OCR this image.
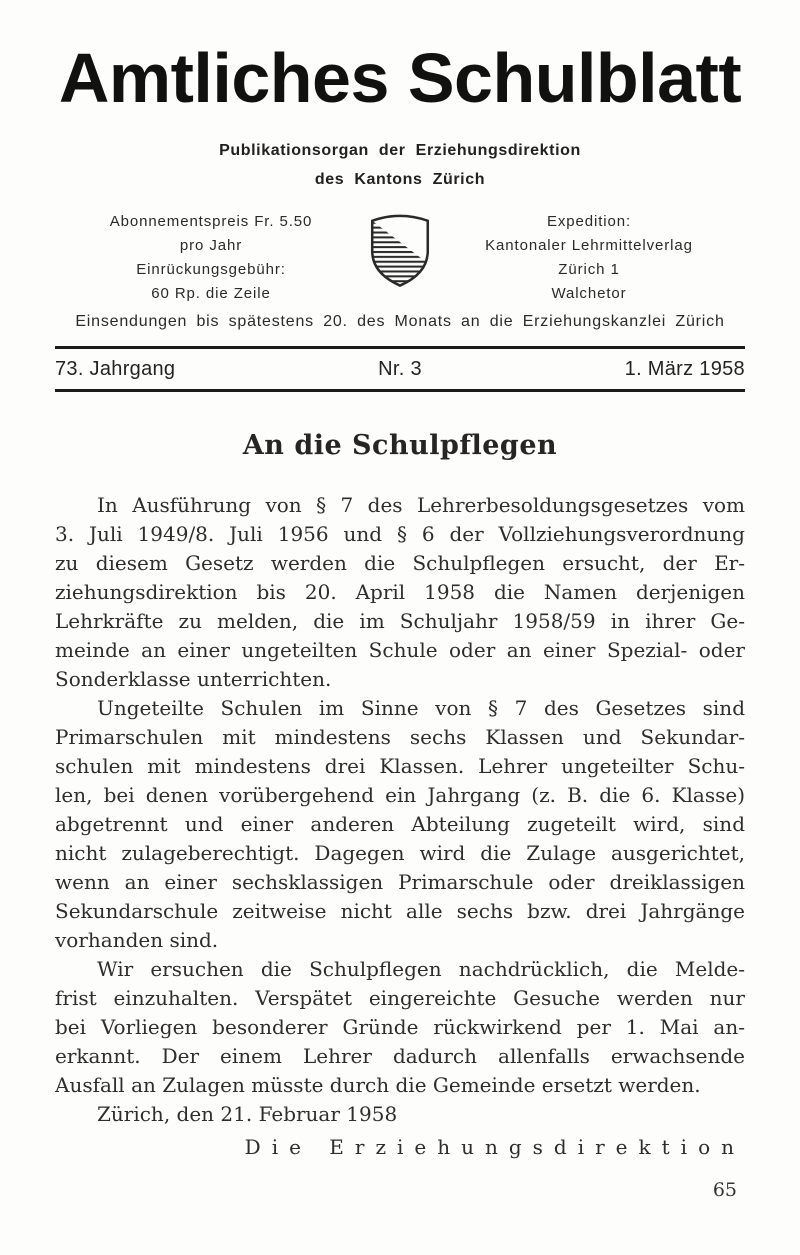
Amtliches Schulblatt
Publikationsorgan der Erziehungsdirektion
des Kantons Zürich
Abonnementspreis Fr. 5.50
pro Jahr
Einrückungsgebühr:
60 Rp. die Zeile
Expedition:
Kantonaler Lehrmittelverlag
Zürich 1
Walchetor
Einsendungen bis spätestens 20. des Monats an die Erziehungskanzlei Zürich
73. Jahrgang	Nr. 3	1. März 1958
An die Schulpflegen
In Ausführung von § 7 des Lehrerbesoldungsgesetzes vom
3. Juli 1949/8. Juli 1956 und § 6 der Vollziehungsverordnung
zu diesem Gesetz werden die Schulpflegen ersucht, der Er-
ziehungsdirektion bis 20. April 1958 die Namen derjenigen
Lehrkräfte zu melden, die im Schuljahr 1958/59 in ihrer Ge-
meinde an einer ungeteilten Schule oder an einer Spezial- oder
Sonderklasse unterrichten.
Ungeteilte Schulen im Sinne von § 7 des Gesetzes sind
Primarschulen mit mindestens sechs Klassen und Sekundar-
schulen mit mindestens drei Klassen. Lehrer ungeteilter Schu-
len, bei denen vorübergehend ein Jahrgang (z. B. die 6. Klasse)
abgetrennt und einer anderen Abteilung zugeteilt wird, sind
nicht zulageberechtigt. Dagegen wird die Zulage ausgerichtet,
wenn an einer sechsklassigen Primarschule oder dreiklassigen
Sekundarschule zeitweise nicht alle sechs bzw. drei Jahrgänge
vorhanden sind.
Wir ersuchen die Schulpflegen nachdrücklich, die Melde-
frist einzuhalten. Verspätet eingereichte Gesuche werden nur
bei Vorliegen besonderer Gründe rückwirkend per 1. Mai an-
erkannt. Der einem Lehrer dadurch allenfalls erwachsende
Ausfall an Zulagen müsste durch die Gemeinde ersetzt werden.
Zürich, den 21. Februar 1958
Die Erziehungsdirektion
65
